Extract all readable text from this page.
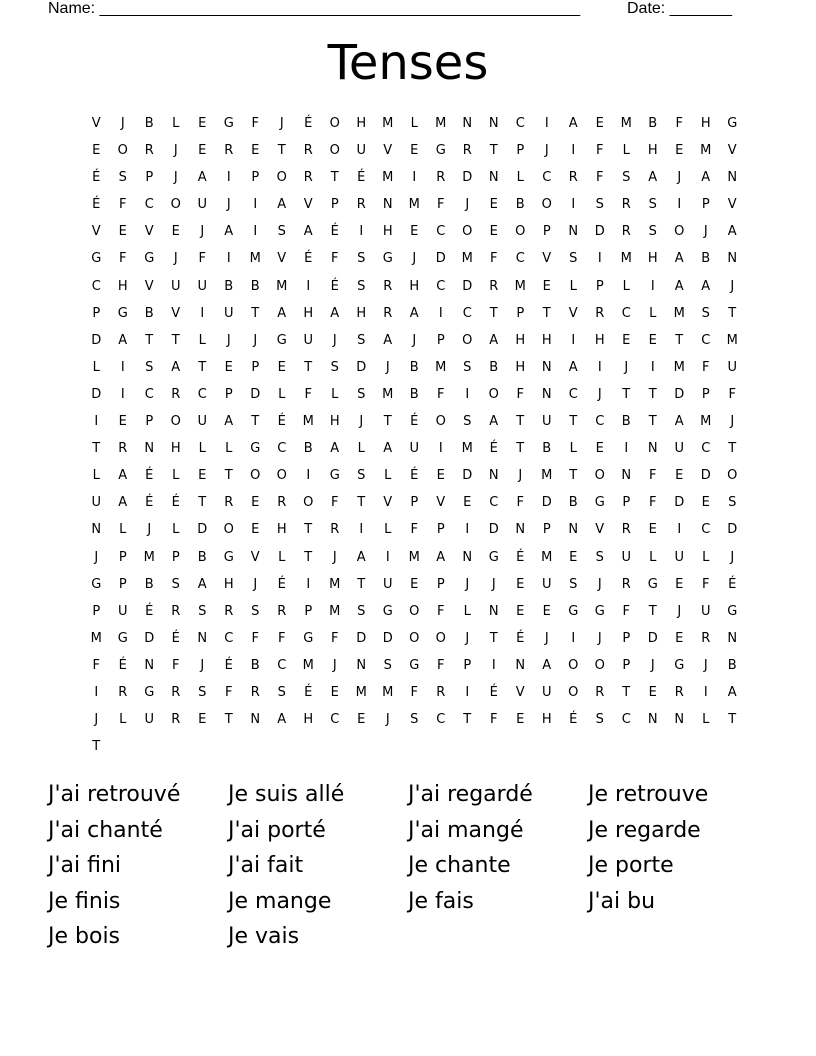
Name: ______________________________________________________

	Date: _______

Tenses
V	J	B	L	E	G	F	J	É	O	H	M	L	M	N	N	C	I	A	E	M	B	F	H	G
E	O	R	J	E	R	E	T	R	O	U	V	E	G	R	T	P	J	I	F	L	H	E	M	V
É	S	P	J	A	I	P	O	R	T	É	M	I	R	D	N	L	C	R	F	S	A	J	A	N
É	F	C	O	U	J	I	A	V	P	R	N	M	F	J	E	B	O	I	S	R	S	I	P	V
V	E	V	E	J	A	I	S	A	É	I	H	E	C	O	E	O	P	N	D	R	S	O	J	A
G	F	G	J	F	I	M	V	É	F	S	G	J	D	M	F	C	V	S	I	M	H	A	B	N
C	H	V	U	U	B	B	M	I	É	S	R	H	C	D	R	M	E	L	P	L	I	A	A	J
P	G	B	V	I	U	T	A	H	A	H	R	A	I	C	T	P	T	V	R	C	L	M	S	T
D	A	T	T	L	J	J	G	U	J	S	A	J	P	O	A	H	H	I	H	E	E	T	C	M
L	I	S	A	T	E	P	E	T	S	D	J	B	M	S	B	H	N	A	I	J	I	M	F	U
D	I	C	R	C	P	D	L	F	L	S	M	B	F	I	O	F	N	C	J	T	T	D	P	F
I	E	P	O	U	A	T	É	M	H	J	T	É	O	S	A	T	U	T	C	B	T	A	M	J
T	R	N	H	L	L	G	C	B	A	L	A	U	I	M	É	T	B	L	E	I	N	U	C	T
L	A	É	L	E	T	O	O	I	G	S	L	É	E	D	N	J	M	T	O	N	F	E	D	O
U	A	É	É	T	R	E	R	O	F	T	V	P	V	E	C	F	D	B	G	P	F	D	E	S
N	L	J	L	D	O	E	H	T	R	I	L	F	P	I	D	N	P	N	V	R	E	I	C	D
J	P	M	P	B	G	V	L	T	J	A	I	M	A	N	G	É	M	E	S	U	L	U	L	J
G	P	B	S	A	H	J	É	I	M	T	U	E	P	J	J	E	U	S	J	R	G	E	F	É
P	U	É	R	S	R	S	R	P	M	S	G	O	F	L	N	E	E	G	G	F	T	J	U	G
M	G	D	É	N	C	F	F	G	F	D	D	O	O	J	T	É	J	I	J	P	D	E	R	N
F	É	N	F	J	É	B	C	M	J	N	S	G	F	P	I	N	A	O	O	P	J	G	J	B
I	R	G	R	S	F	R	S	É	E	M	M	F	R	I	É	V	U	O	R	T	E	R	I	A
J	L	U	R	E	T	N	A	H	C	E	J	S	C	T	F	E	H	É	S	C	N	N	L	T
T
J'ai retrouvé	Je suis allé	J'ai regardé	Je retrouve
J'ai chanté	J'ai porté	J'ai mangé	Je regarde
J'ai fini	J'ai fait	Je chante	Je porte
Je finis	Je mange	Je fais	J'ai bu
Je bois	Je vais
